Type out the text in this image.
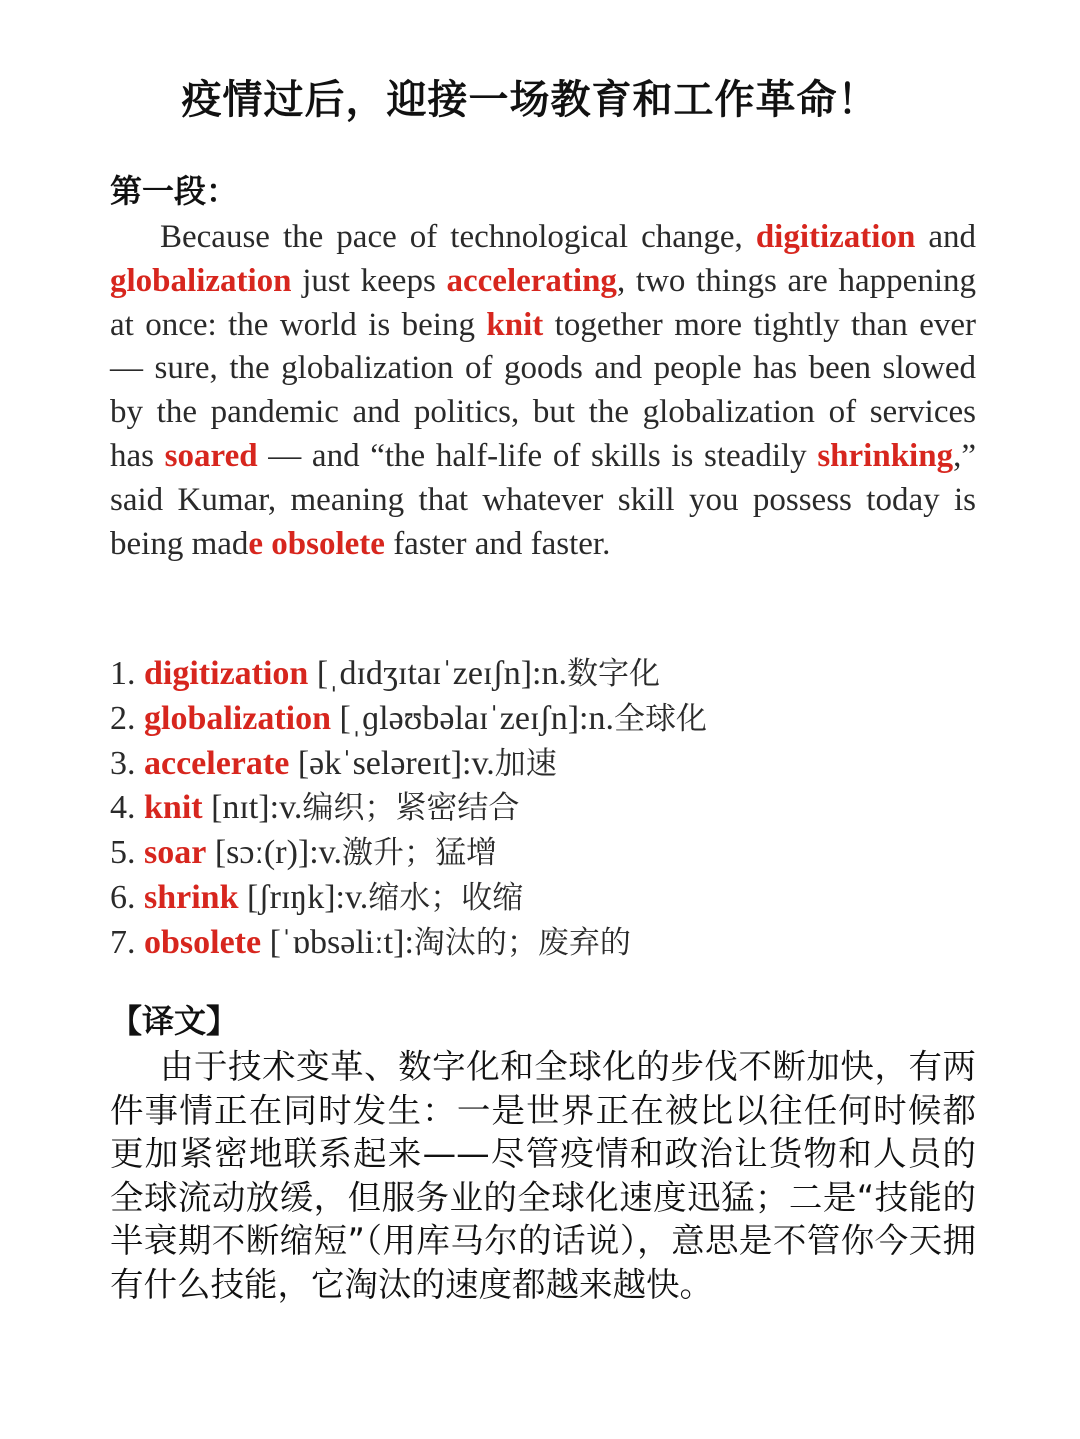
疫情过后，迎接一场教育和工作革命！
第一段：

Because the pace of technological change, digitization and globalization just keeps accelerating, two things are happening at once: the world is being knit together more tightly than ever — sure, the globalization of goods and people has been slowed by the pandemic and politics, but the globalization of services has soared — and “the half-life of skills is steadily shrinking,” said Kumar, meaning that whatever skill you possess today is being made obsolete faster and faster.

1. digitization [ˌdɪdʒɪtaɪˈzeɪʃn]:n.数字化
2. globalization [ˌɡləʊbəlaɪˈzeɪʃn]:n.全球化
3. accelerate [əkˈseləreɪt]:v.加速
4. knit [nɪt]:v.编织；紧密结合
5. soar [sɔː(r)]:v.激升；猛增
6. shrink [ʃrɪŋk]:v.缩水；收缩
7. obsolete [ˈɒbsəliːt]:淘汰的；废弃的
【译文】

由于技术变革、数字化和全球化的步伐不断加快，有两件事情正在同时发生：一是世界正在被比以往任何时候都更加紧密地联系起来——尽管疫情和政治让货物和人员的全球流动放缓，但服务业的全球化速度迅猛；二是“技能的半衰期不断缩短”（用库马尔的话说），意思是不管你今天拥有什么技能，它淘汰的速度都越来越快。
